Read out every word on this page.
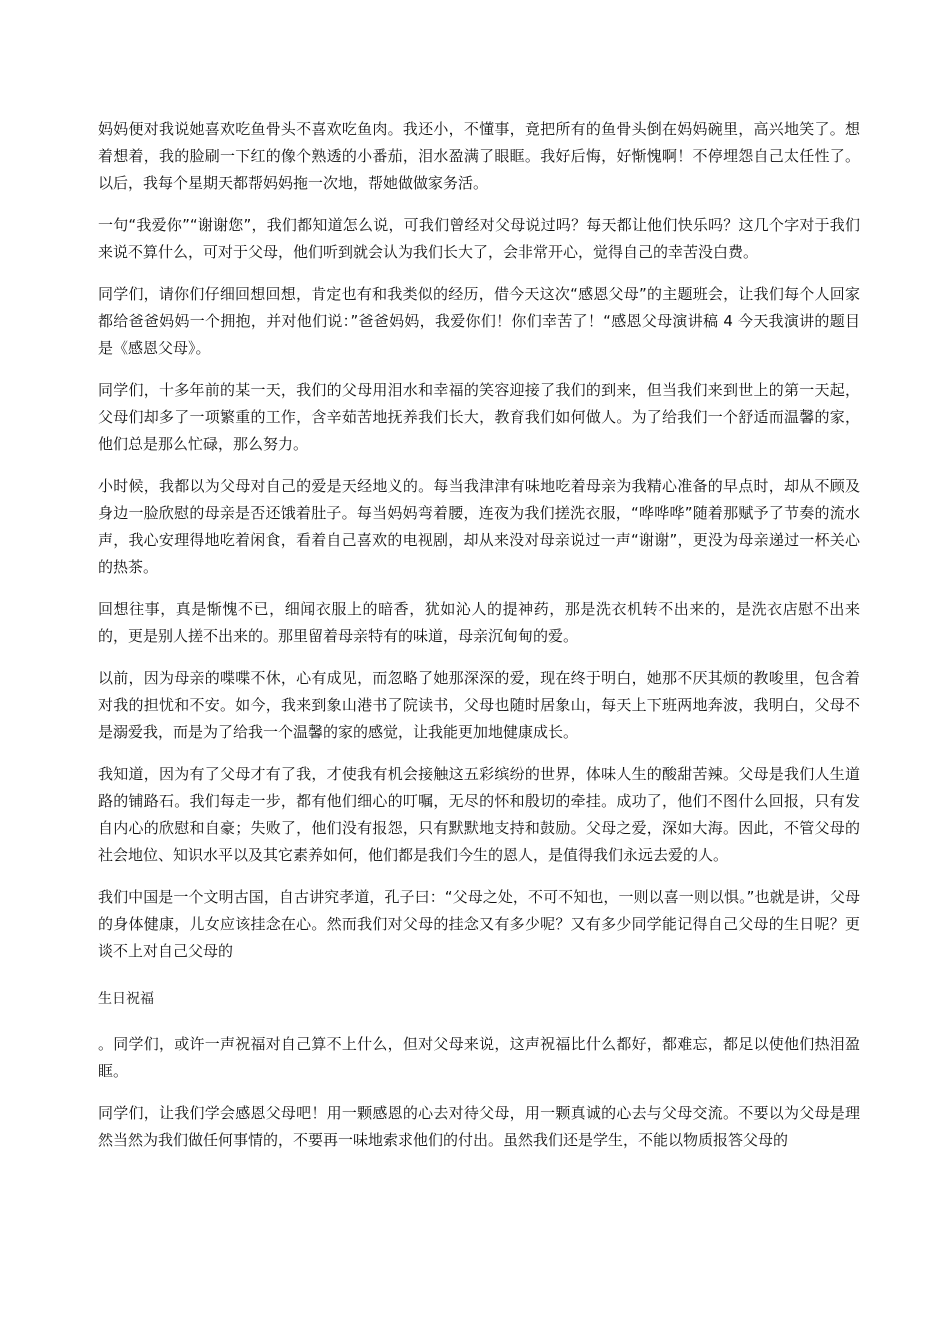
妈妈便对我说她喜欢吃鱼骨头不喜欢吃鱼肉。我还小，不懂事，竟把所有的鱼骨头倒在妈妈碗里，高兴地笑了。想着想着，我的脸刷一下红的像个熟透的小番茄，泪水盈满了眼眶。我好后悔，好惭愧啊！不停埋怨自己太任性了。以后，我每个星期天都帮妈妈拖一次地，帮她做做家务活。

一句“我爱你”“谢谢您”，我们都知道怎么说，可我们曾经对父母说过吗？每天都让他们快乐吗？这几个字对于我们来说不算什么，可对于父母，他们听到就会认为我们长大了，会非常开心，觉得自己的幸苦没白费。

同学们，请你们仔细回想回想，肯定也有和我类似的经历，借今天这次“感恩父母”的主题班会，让我们每个人回家都给爸爸妈妈一个拥抱，并对他们说：”爸爸妈妈，我爱你们！你们幸苦了！“感恩父母演讲稿 4 今天我演讲的题目是《感恩父母》。

同学们，十多年前的某一天，我们的父母用泪水和幸福的笑容迎接了我们的到来，但当我们来到世上的第一天起，父母们却多了一项繁重的工作，含辛茹苦地抚养我们长大，教育我们如何做人。为了给我们一个舒适而温馨的家，他们总是那么忙碌，那么努力。

小时候，我都以为父母对自己的爱是天经地义的。每当我津津有味地吃着母亲为我精心准备的早点时，却从不顾及身边一脸欣慰的母亲是否还饿着肚子。每当妈妈弯着腰，连夜为我们搓洗衣服，“哗哗哗”随着那赋予了节奏的流水声，我心安理得地吃着闲食，看着自己喜欢的电视剧，却从来没对母亲说过一声“谢谢”，更没为母亲递过一杯关心的热茶。

回想往事，真是惭愧不已，细闻衣服上的暗香，犹如沁人的提神药，那是洗衣机转不出来的，是洗衣店慰不出来的，更是别人搓不出来的。那里留着母亲特有的味道，母亲沉甸甸的爱。

以前，因为母亲的喋喋不休，心有成见，而忽略了她那深深的爱，现在终于明白，她那不厌其烦的教唆里，包含着对我的担忧和不安。如今，我来到象山港书了院读书，父母也随时居象山，每天上下班两地奔波，我明白，父母不是溺爱我，而是为了给我一个温馨的家的感觉，让我能更加地健康成长。

我知道，因为有了父母才有了我，才使我有机会接触这五彩缤纷的世界，体味人生的酸甜苦辣。父母是我们人生道路的铺路石。我们每走一步，都有他们细心的叮嘱，无尽的怀和殷切的牵挂。成功了，他们不图什么回报，只有发自内心的欣慰和自豪；失败了，他们没有报怨，只有默默地支持和鼓励。父母之爱，深如大海。因此，不管父母的社会地位、知识水平以及其它素养如何，他们都是我们今生的恩人，是值得我们永远去爱的人。

我们中国是一个文明古国，自古讲究孝道，孔子曰：“父母之处，不可不知也，一则以喜一则以惧。”也就是讲，父母的身体健康，儿女应该挂念在心。然而我们对父母的挂念又有多少呢？又有多少同学能记得自己父母的生日呢？更谈不上对自己父母的

生日祝福

。同学们，或许一声祝福对自己算不上什么，但对父母来说，这声祝福比什么都好，都难忘，都足以使他们热泪盈眶。

同学们，让我们学会感恩父母吧！用一颗感恩的心去对待父母，用一颗真诚的心去与父母交流。不要以为父母是理然当然为我们做任何事情的，不要再一味地索求他们的付出。虽然我们还是学生，不能以物质报答父母的
